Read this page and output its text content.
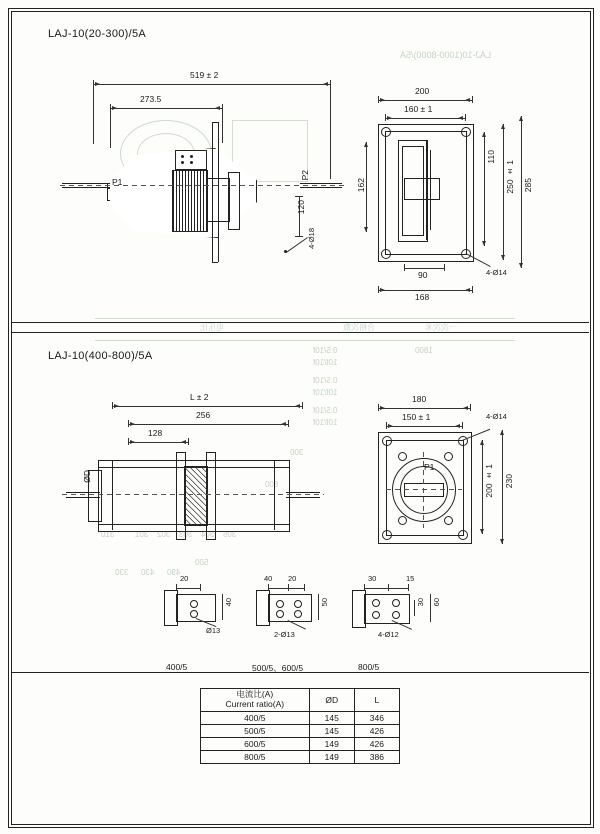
LAJ-10(1000-8000)/5A
一次次米
合格次数
电压比
1800
0.5/10f
10f/10f
0.5/10f
10f/10f
0.5/10f
10f/10f
300
301 302 303 304 305
310
330 430 490
500
600
LAJ-10(20-300)/5A
519 ± 2
273.5
P1
P2
120
4-Ø18
200
160 ± 1
110
250 ± 1 285
162
90
168
4-Ø14
LAJ-10(400-800)/5A
L ± 2
256
128
ØD
180
150 ± 1
P1	200 ± 1 230
4-Ø14
20
40
Ø13
400/5
40 20
50
2-Ø13
500/5、600/5
30	15
30 60
4-Ø12
800/5
电流比(A)
Current ratio(A)	ØD	L
400/5	145	346
500/5	145	426
600/5	149	426
800/5	149	386
